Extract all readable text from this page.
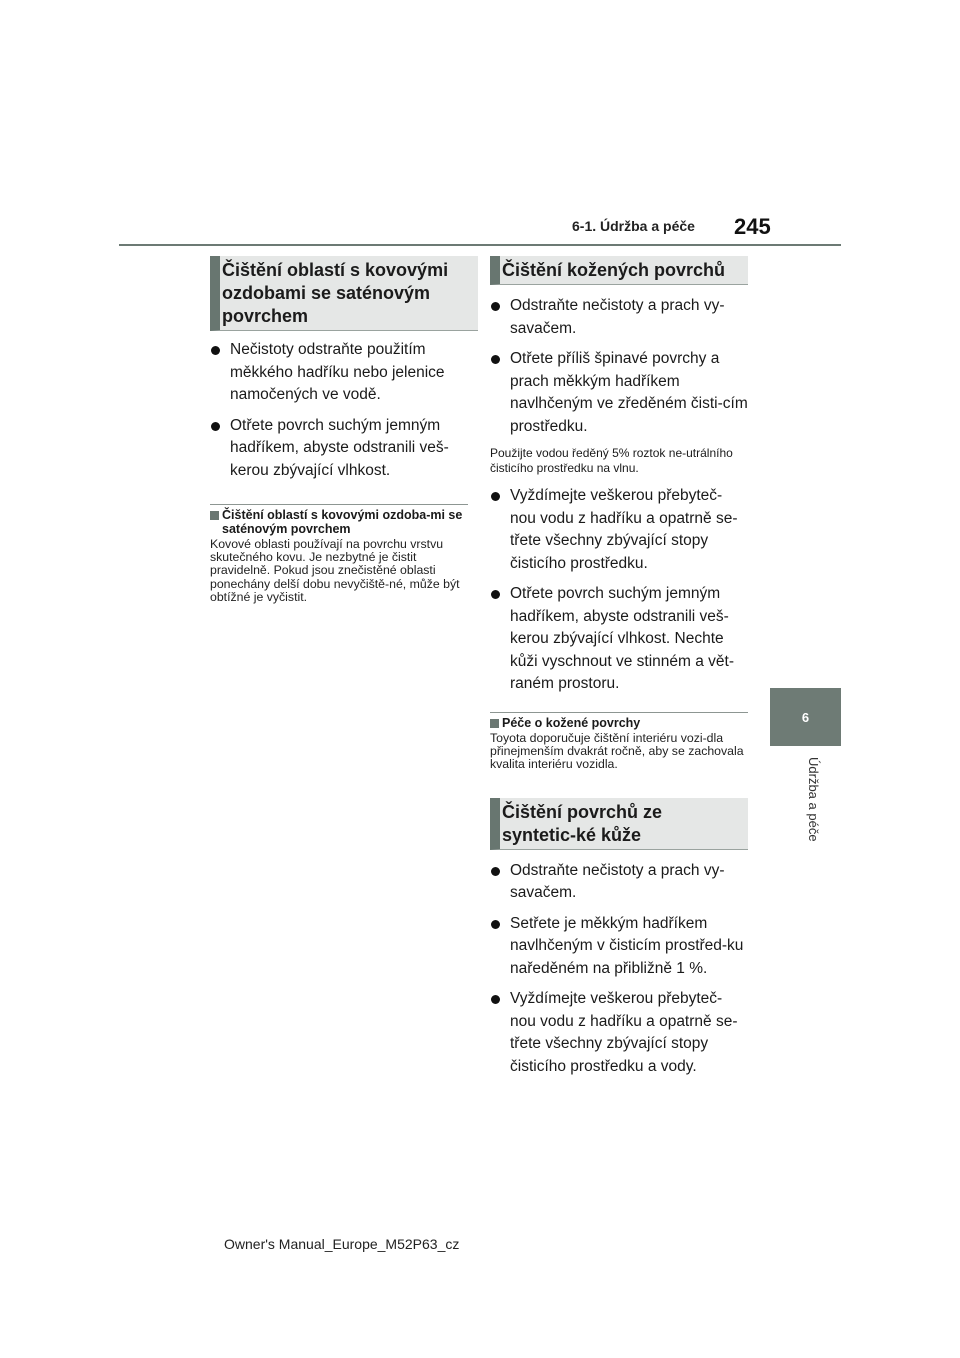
6-1. Údržba a péče 245
6
Údržba a péče
Čištění oblastí s kovovými ozdobami se saténovým povrchem
Nečistoty odstraňte použitím měkkého hadříku nebo jelenice namočených ve vodě.
Otřete povrch suchým jemným hadříkem, abyste odstranili veš-kerou zbývající vlhkost.
Čištění oblastí s kovovými ozdoba-mi se saténovým povrchem
Kovové oblasti používají na povrchu vrstvu skutečného kovu. Je nezbytné je čistit pravidelně. Pokud jsou znečistěné oblasti ponechány delší dobu nevyčiště-né, může být obtížné je vyčistit.
Čištění kožených povrchů
Odstraňte nečistoty a prach vy-savačem.
Otřete příliš špinavé povrchy a prach měkkým hadříkem navlhčeným ve zředěném čisti-cím prostředku.

Použijte vodou ředěný 5% roztok ne-utrálního čisticího prostředku na vlnu.

Vyždímejte veškerou přebyteč-nou vodu z hadříku a opatrně se-třete všechny zbývající stopy čisticího prostředku.
Otřete povrch suchým jemným hadříkem, abyste odstranili veš-kerou zbývající vlhkost. Nechte kůži vyschnout ve stinném a vět-raném prostoru.
Péče o kožené povrchy
Toyota doporučuje čištění interiéru vozi-dla přinejmenším dvakrát ročně, aby se zachovala kvalita interiéru vozidla.
Čištění povrchů ze syntetic-ké kůže
Odstraňte nečistoty a prach vy-savačem.
Setřete je měkkým hadříkem navlhčeným v čisticím prostřed-ku naředěném na přibližně 1 %.
Vyždímejte veškerou přebyteč-nou vodu z hadříku a opatrně se-třete všechny zbývající stopy čisticího prostředku a vody.
Owner's Manual_Europe_M52P63_cz
